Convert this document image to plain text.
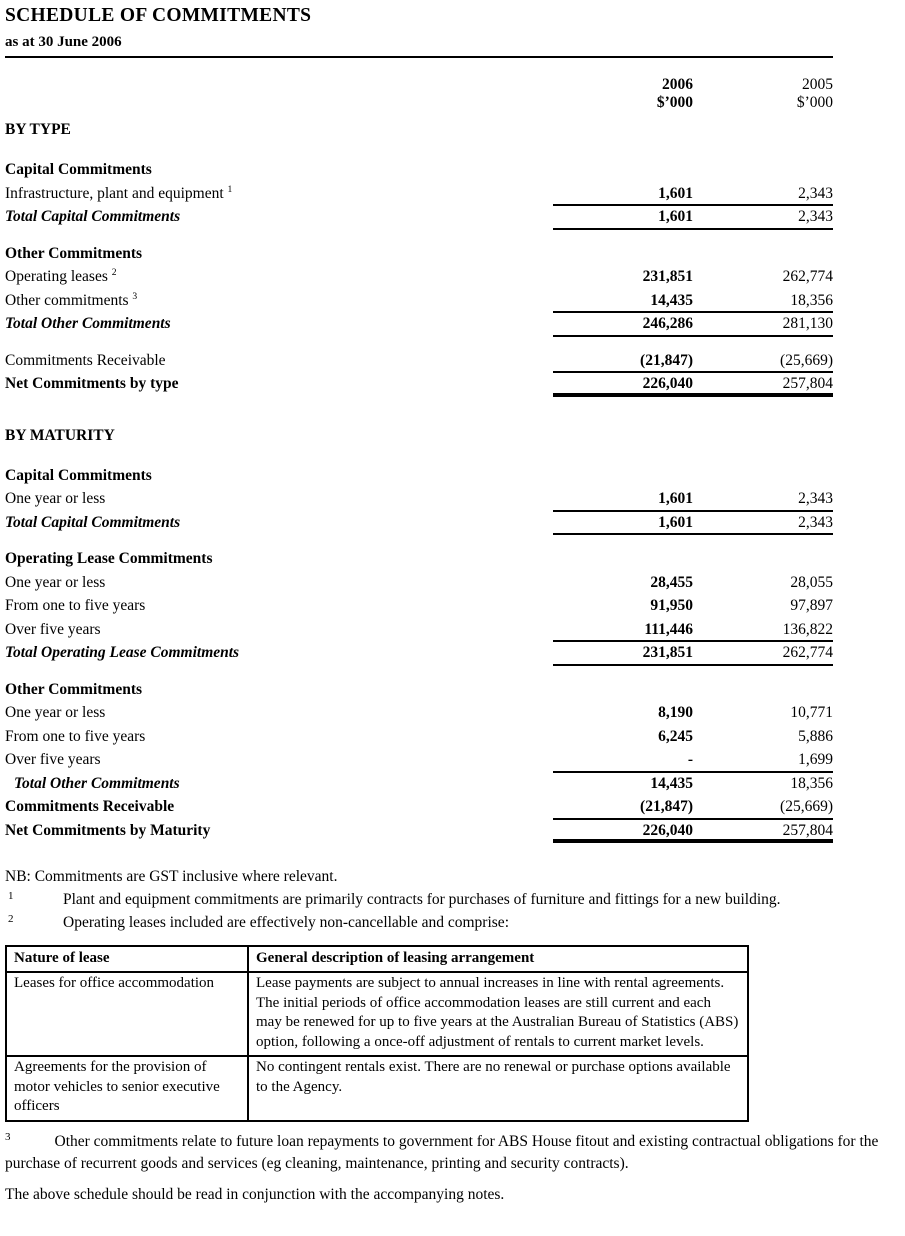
SCHEDULE OF COMMITMENTS
as at 30 June 2006
2006
$’000
2005
$’000
BY TYPE
Capital Commitments
Infrastructure, plant and equipment $^1$	1,601	2,343
Total Capital Commitments	1,601	2,343
Other Commitments
Operating leases $^2$	231,851	262,774
Other commitments $^3$	14,435	18,356
Total Other Commitments	246,286	281,130
Commitments Receivable	(21,847)	(25,669)
Net Commitments by type	226,040	257,804
BY MATURITY
Capital Commitments
One year or less	1,601	2,343
Total Capital Commitments	1,601	2,343
Operating Lease Commitments
One year or less	28,455	28,055
From one to five years	91,950	97,897
Over five years	111,446	136,822
Total Operating Lease Commitments	231,851	262,774
Other Commitments
One year or less	8,190	10,771
From one to five years	6,245	5,886
Over five years	-	1,699
Total Other Commitments	14,435	18,356
Commitments Receivable	(21,847)	(25,669)
Net Commitments by Maturity	226,040	257,804
NB: Commitments are GST inclusive where relevant.
1	Plant and equipment commitments are primarily contracts for purchases of furniture and fittings for a new building.
2	Operating leases included are effectively non-cancellable and comprise:
Nature of lease	General description of leasing arrangement
Leases for office accommodation	Lease payments are subject to annual increases in line with rental agreements. The initial periods of office accommodation leases are still current and each may be renewed for up to five years at the Australian Bureau of Statistics (ABS) option, following a once-off adjustment of rentals to current market levels.
Agreements for the provision of motor vehicles to senior executive officers	No contingent rentals exist. There are no renewal or purchase options available to the Agency.

$^3$	Other commitments relate to future loan repayments to government for ABS House fitout and existing contractual obligations for the purchase of recurrent goods and services (eg cleaning, maintenance, printing and security contracts).

The above schedule should be read in conjunction with the accompanying notes.
